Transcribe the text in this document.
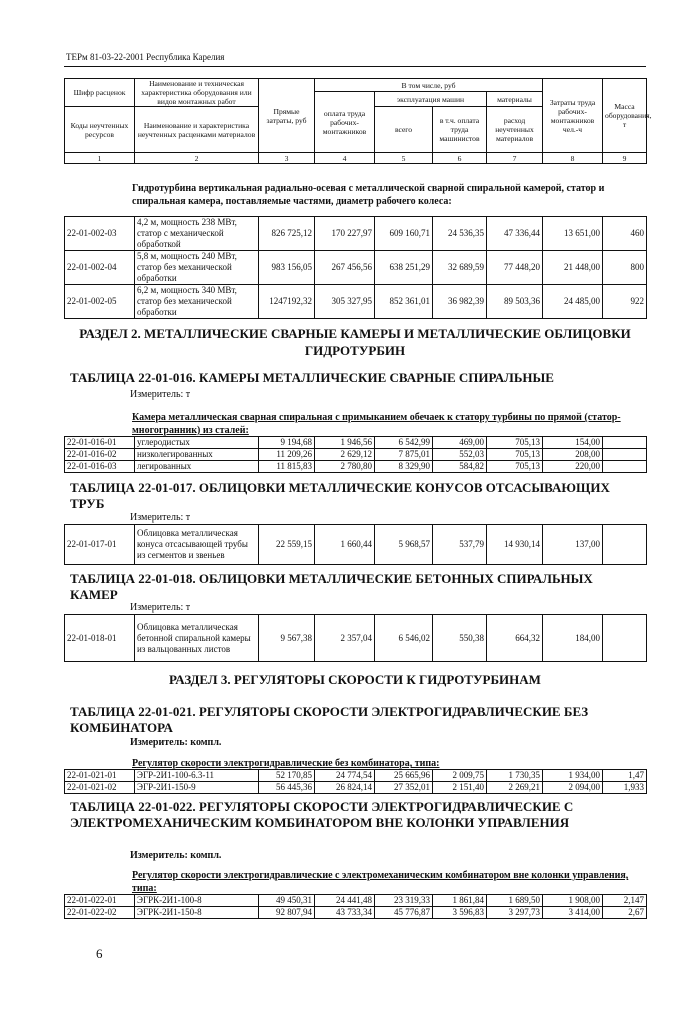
ТЕРм 81-03-22-2001 Республика Карелия
Шифр расценок	Наименование и техническая характеристика оборудования или видов монтажных работ	Прямые затраты, руб	В том числе, руб				Затраты труда рабочих-монтажников чел.-ч	Масса оборудования, т
			оплата труда рабочих-монтажников	эксплуатация машин		материалы		
Коды неучтенных ресурсов	Наименование и характеристика неучтенных расценками материалов			всего	в т.ч. оплата труда машинистов	расход неучтенных материалов		
1	2	3	4	5	6	7	8	9
Гидротурбина вертикальная радиально-осевая с металлической сварной спиральной камерой, статор и спиральная камера, поставляемые частями, диаметр рабочего колеса:
22-01-002-03	4,2 м, мощность 238 МВт, статор с механической обработкой	826 725,12	170 227,97	609 160,71	24 536,35	47 336,44	13 651,00	460
22-01-002-04	5,8 м, мощность 240 МВт, статор без механической обработки	983 156,05	267 456,56	638 251,29	32 689,59	77 448,20	21 448,00	800
22-01-002-05	6,2 м, мощность 340 МВт, статор без механической обработки	1247192,32	305 327,95	852 361,01	36 982,39	89 503,36	24 485,00	922
РАЗДЕЛ 2. МЕТАЛЛИЧЕСКИЕ СВАРНЫЕ КАМЕРЫ И МЕТАЛЛИЧЕСКИЕ ОБЛИЦОВКИ ГИДРОТУРБИН
ТАБЛИЦА 22-01-016. КАМЕРЫ МЕТАЛЛИЧЕСКИЕ СВАРНЫЕ СПИРАЛЬНЫЕ
Измеритель: т
Камера металлическая сварная спиральная с примыканием обечаек к статору турбины по прямой (статор-многогранник) из сталей:
22-01-016-01	углеродистых	9 194,68	1 946,56	6 542,99	469,00	705,13	154,00	
22-01-016-02	низколегированных	11 209,26	2 629,12	7 875,01	552,03	705,13	208,00	
22-01-016-03	легированных	11 815,83	2 780,80	8 329,90	584,82	705,13	220,00	
ТАБЛИЦА 22-01-017. ОБЛИЦОВКИ МЕТАЛЛИЧЕСКИЕ КОНУСОВ ОТСАСЫВАЮЩИХ ТРУБ
Измеритель: т
22-01-017-01	Облицовка металлическая конуса отсасывающей трубы из сегментов и звеньев	22 559,15	1 660,44	5 968,57	537,79	14 930,14	137,00	
ТАБЛИЦА 22-01-018. ОБЛИЦОВКИ МЕТАЛЛИЧЕСКИЕ БЕТОННЫХ СПИРАЛЬНЫХ КАМЕР
Измеритель: т
22-01-018-01	Облицовка металлическая бетонной спиральной камеры из вальцованных листов	9 567,38	2 357,04	6 546,02	550,38	664,32	184,00	
РАЗДЕЛ 3. РЕГУЛЯТОРЫ СКОРОСТИ К ГИДРОТУРБИНАМ
ТАБЛИЦА 22-01-021. РЕГУЛЯТОРЫ СКОРОСТИ ЭЛЕКТРОГИДРАВЛИЧЕСКИЕ БЕЗ КОМБИНАТОРА
Измеритель: компл.
Регулятор скорости электрогидравлические без комбинатора, типа:
22-01-021-01	ЭГР-2И1-100-6.3-11	52 170,85	24 774,54	25 665,96	2 009,75	1 730,35	1 934,00	1,47
22-01-021-02	ЭГР-2И1-150-9	56 445,36	26 824,14	27 352,01	2 151,40	2 269,21	2 094,00	1,933
ТАБЛИЦА 22-01-022. РЕГУЛЯТОРЫ СКОРОСТИ ЭЛЕКТРОГИДРАВЛИЧЕСКИЕ С ЭЛЕКТРОМЕХАНИЧЕСКИМ КОМБИНАТОРОМ ВНЕ КОЛОНКИ УПРАВЛЕНИЯ
Измеритель: компл.
Регулятор скорости электрогидравлические с электромеханическим комбинатором вне колонки управления, типа:
22-01-022-01	ЭГРК-2И1-100-8	49 450,31	24 441,48	23 319,33	1 861,84	1 689,50	1 908,00	2,147
22-01-022-02	ЭГРК-2И1-150-8	92 807,94	43 733,34	45 776,87	3 596,83	3 297,73	3 414,00	2,67
6
